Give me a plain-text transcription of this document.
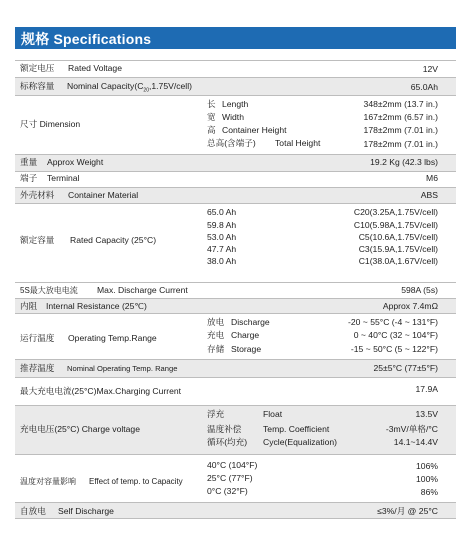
规格 Specifications
额定电压 Rated Voltage	12V
标称容量 Nominal $Capacity(C_{20},1.75V/cell)$	65.0Ah
尺寸 Dimension
长 Length	348±2mm (13.7 in.)
宽 Width	167±2mm (6.57 in.)
高 Container Height	178±2mm (7.01 in.)
总高(含端子) Total Height	178±2mm (7.01 in.)
重量 Approx Weight	19.2 Kg (42.3 lbs)
端子 Terminal	M6
外壳材料 Container Material	ABS
额定容量 Rated Capacity (25°C)
65.0 Ah	C20(3.25A,1.75V/cell)
59.8 Ah	C10(5.98A,1.75V/cell)
53.0 Ah	C5(10.6A,1.75V/cell)
47.7 Ah	C3(15.9A,1.75V/cell)
38.0 Ah	C1(38.0A,1.67V/cell)
5S最大放电电流 Max. Discharge Current	598A (5s)
内阻 Internal Resistance (25℃)	Approx 7.4mΩ
运行温度 Operating Temp.Range
放电 Discharge	-20 ~ 55°C (-4 ~ 131°F)
充电 Charge	0 ~ 40°C (32 ~ 104°F)
存储 Storage	-15 ~ 50°C (5 ~ 122°F)
推荐温度 Nominal Operating Temp. Range	25±5°C (77±5°F)
最大充电电流(25°C)Max.Charging Current	17.9A
充电电压(25°C) Charge voltage
浮充	Float	13.5V
温度补偿	Temp. Coefficient	-3mV/单格/°C
循环(均充) Cycle(Equalization)	14.1~14.4V
温度对容量影响 Effect of temp. to Capacity
40°C (104°F)	106%
25°C (77°F)	100%
0°C (32°F)	86%
自放电 Self Discharge	≤3%/月 @ 25°C
